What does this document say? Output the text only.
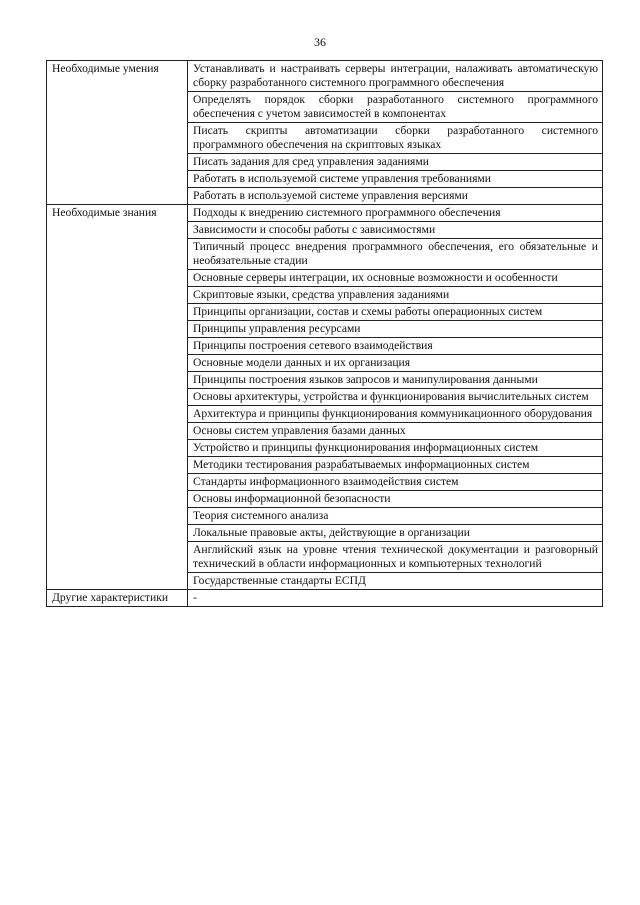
36
Необходимые умения	Устанавливать и настраивать серверы интеграции, налаживать автоматическую сборку разработанного системного программного обеспечения
	Определять порядок сборки разработанного системного программного обеспечения с учетом зависимостей в компонентах
	Писать скрипты автоматизации сборки разработанного системного программного обеспечения на скриптовых языках
	Писать задания для сред управления заданиями
	Работать в используемой системе управления требованиями
	Работать в используемой системе управления версиями
Необходимые знания	Подходы к внедрению системного программного обеспечения
	Зависимости и способы работы с зависимостями
	Типичный процесс внедрения программного обеспечения, его обязательные и необязательные стадии
	Основные серверы интеграции, их основные возможности и особенности
	Скриптовые языки, средства управления заданиями
	Принципы организации, состав и схемы работы операционных систем
	Принципы управления ресурсами
	Принципы построения сетевого взаимодействия
	Основные модели данных и их организация
	Принципы построения языков запросов и манипулирования данными
	Основы архитектуры, устройства и функционирования вычислительных систем
	Архитектура и принципы функционирования коммуникационного оборудования
	Основы систем управления базами данных
	Устройство и принципы функционирования информационных систем
	Методики тестирования разрабатываемых информационных систем
	Стандарты информационного взаимодействия систем
	Основы информационной безопасности
	Теория системного анализа
	Локальные правовые акты, действующие в организации
	Английский язык на уровне чтения технической документации и разговорный технический в области информационных и компьютерных технологий
	Государственные стандарты ЕСПД
Другие характеристики	-
